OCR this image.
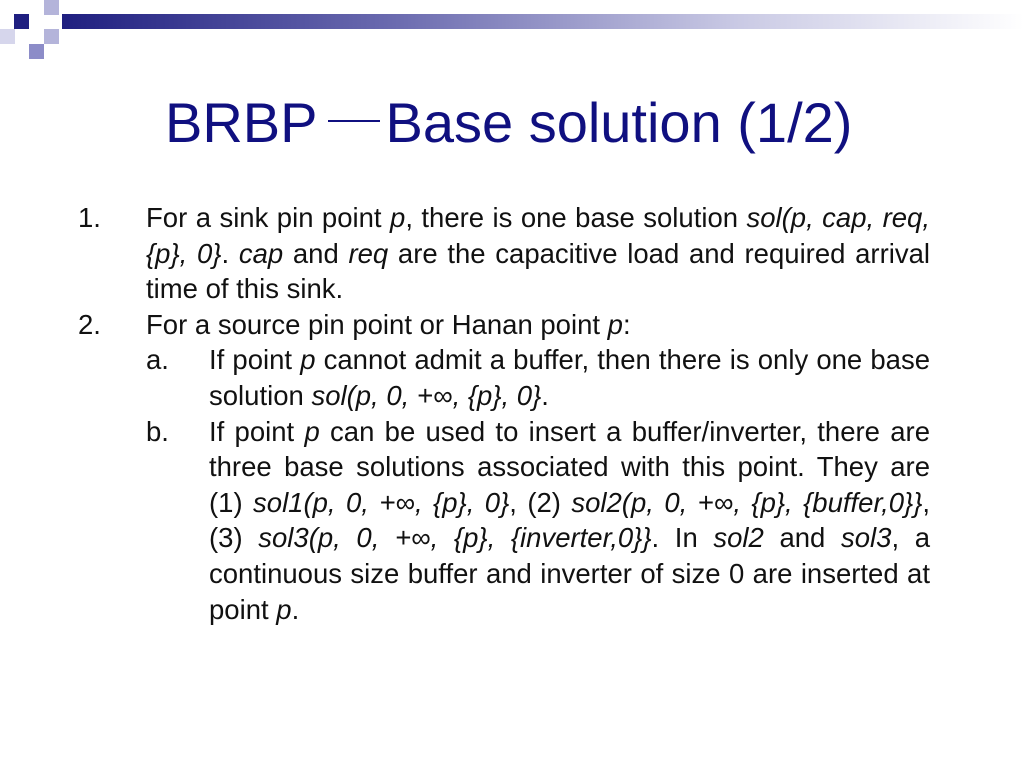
BRBP Base solution (1/2)
1.	For a sink pin point p, there is one base solution sol(p, cap, req, {p}, 0}. cap and req are the capacitive load and required arrival time of this sink.
2.	For a source pin point or Hanan point p:
a.	If point p cannot admit a buffer, then there is only one base solution sol(p, 0, +∞, {p}, 0}.
b.	If point p can be used to insert a buffer/inverter, there are three base solutions associated with this point. They are (1) sol1(p, 0, +∞, {p}, 0}, (2) sol2(p, 0, +∞, {p}, {buffer,0}}, (3) sol3(p, 0, +∞, {p}, {inverter,0}}. In sol2 and sol3, a continuous size buffer and inverter of size 0 are inserted at point p.
